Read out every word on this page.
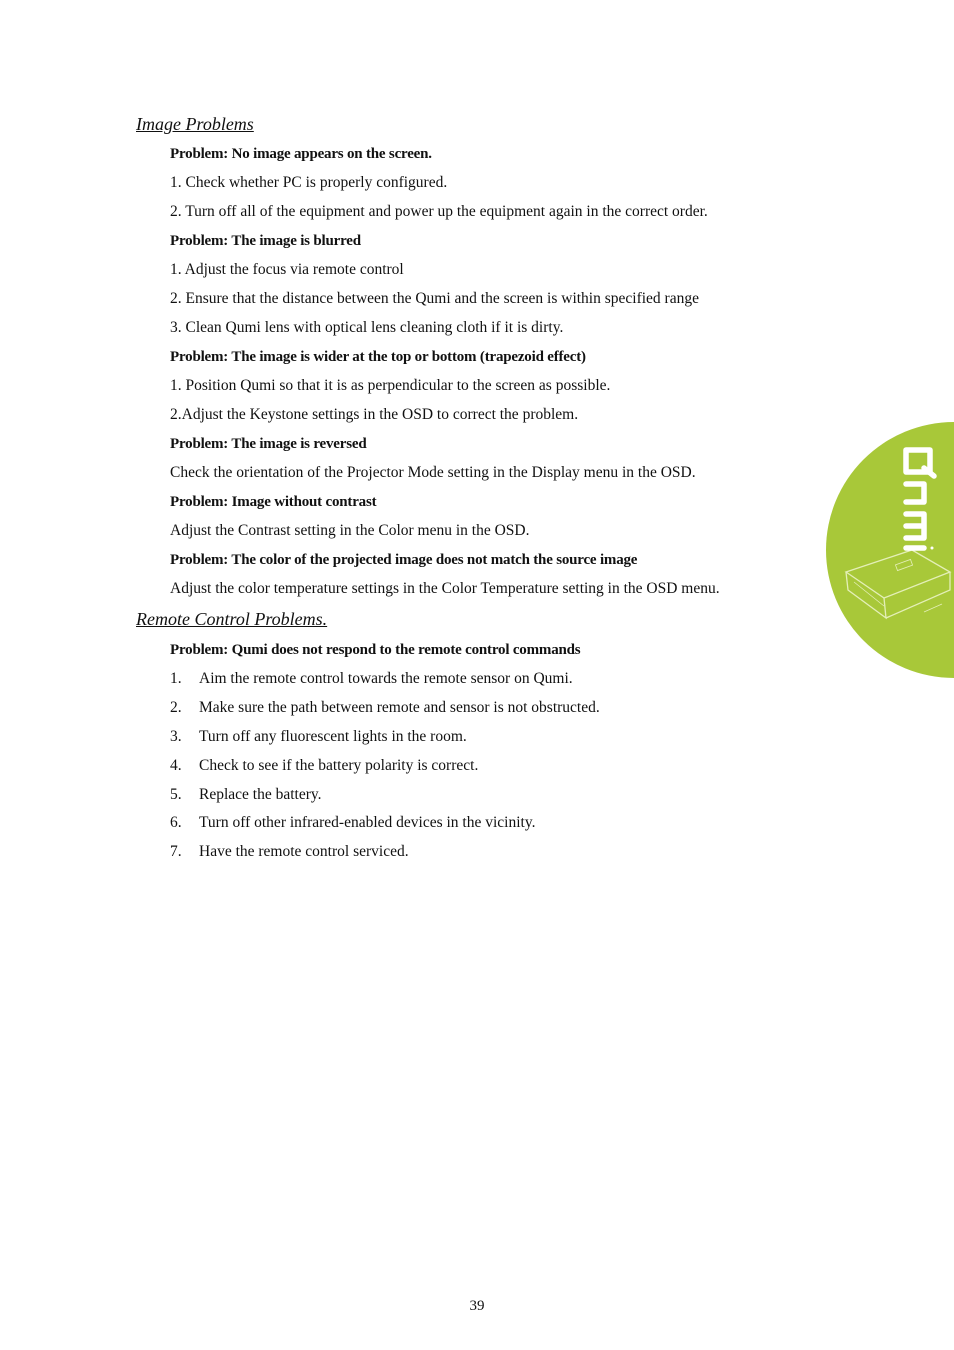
Image Problems
Problem: No image appears on the screen.
1. Check whether PC is properly configured.
2. Turn off all of the equipment and power up the equipment again in the correct order.
Problem: The image is blurred
1. Adjust the focus via remote control
2. Ensure that the distance between the Qumi and the screen is within specified range
3. Clean Qumi lens with optical lens cleaning cloth if it is dirty.
Problem: The image is wider at the top or bottom (trapezoid effect)
1. Position Qumi so that it is as perpendicular to the screen as possible.
2.Adjust the Keystone settings in the OSD to correct the problem.
Problem: The image is reversed
Check the orientation of the Projector Mode setting in the Display menu in the OSD.
Problem: Image without contrast
Adjust the Contrast setting in the Color menu in the OSD.
Problem: The color of the projected image does not match the source image
Adjust the color temperature settings in the Color Temperature setting in the OSD menu.
Remote Control Problems.
Problem: Qumi does not respond to the remote control commands
1. Aim the remote control towards the remote sensor on Qumi.
2. Make sure the path between remote and sensor is not obstructed.
3. Turn off any fluorescent lights in the room.
4. Check to see if the battery polarity is correct.
5. Replace the battery.
6. Turn off other infrared-enabled devices in the vicinity.
7. Have the remote control serviced.
39
